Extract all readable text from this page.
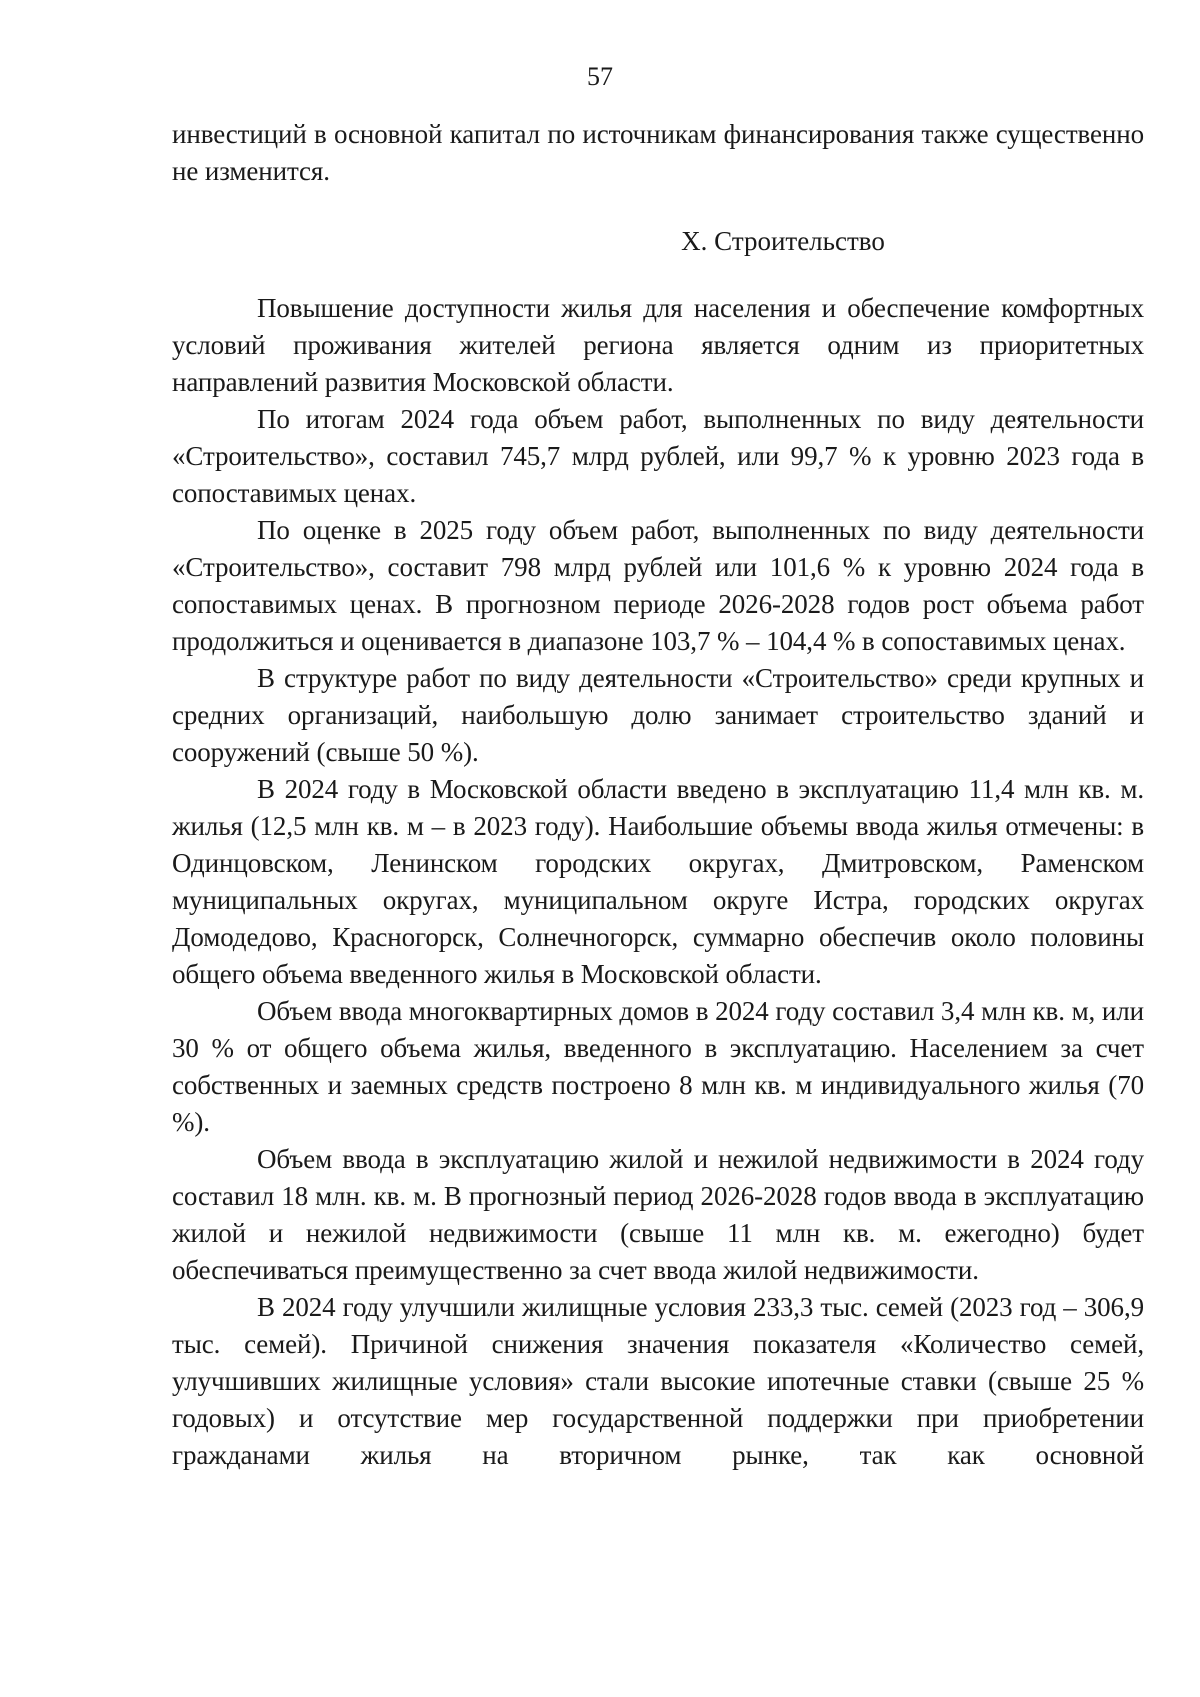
57

инвестиций в основной капитал по источникам финансирования также существенно не изменится.

X. Строительство

Повышение доступности жилья для населения и обеспечение комфортных условий проживания жителей региона является одним из приоритетных направлений развития Московской области.

По итогам 2024 года объем работ, выполненных по виду деятельности «Строительство», составил 745,7 млрд рублей, или 99,7 % к уровню 2023 года в сопоставимых ценах.

По оценке в 2025 году объем работ, выполненных по виду деятельности «Строительство», составит 798 млрд рублей или 101,6 % к уровню 2024 года в сопоставимых ценах. В прогнозном периоде 2026-2028 годов рост объема работ продолжиться и оценивается в диапазоне 103,7 % – 104,4 % в сопоставимых ценах.

В структуре работ по виду деятельности «Строительство» среди крупных и средних организаций, наибольшую долю занимает строительство зданий и сооружений (свыше 50 %).

В 2024 году в Московской области введено в эксплуатацию 11,4 млн кв. м. жилья (12,5 млн кв. м – в 2023 году). Наибольшие объемы ввода жилья отмечены: в Одинцовском, Ленинском городских округах, Дмитровском, Раменском муниципальных округах, муниципальном округе Истра, городских округах Домодедово, Красногорск, Солнечногорск, суммарно обеспечив около половины общего объема введенного жилья в Московской области.

Объем ввода многоквартирных домов в 2024 году составил 3,4 млн кв. м, или 30 % от общего объема жилья, введенного в эксплуатацию. Населением за счет собственных и заемных средств построено 8 млн кв. м индивидуального жилья (70 %).

Объем ввода в эксплуатацию жилой и нежилой недвижимости в 2024 году составил 18 млн. кв. м. В прогнозный период 2026-2028 годов ввода в эксплуатацию жилой и нежилой недвижимости (свыше 11 млн кв. м. ежегодно) будет обеспечиваться преимущественно за счет ввода жилой недвижимости.

В 2024 году улучшили жилищные условия 233,3 тыс. семей (2023 год – 306,9 тыс. семей). Причиной снижения значения показателя «Количество семей, улучшивших жилищные условия» стали высокие ипотечные ставки (свыше 25 % годовых) и отсутствие мер государственной поддержки при приобретении гражданами жилья на вторичном рынке, так как основной
